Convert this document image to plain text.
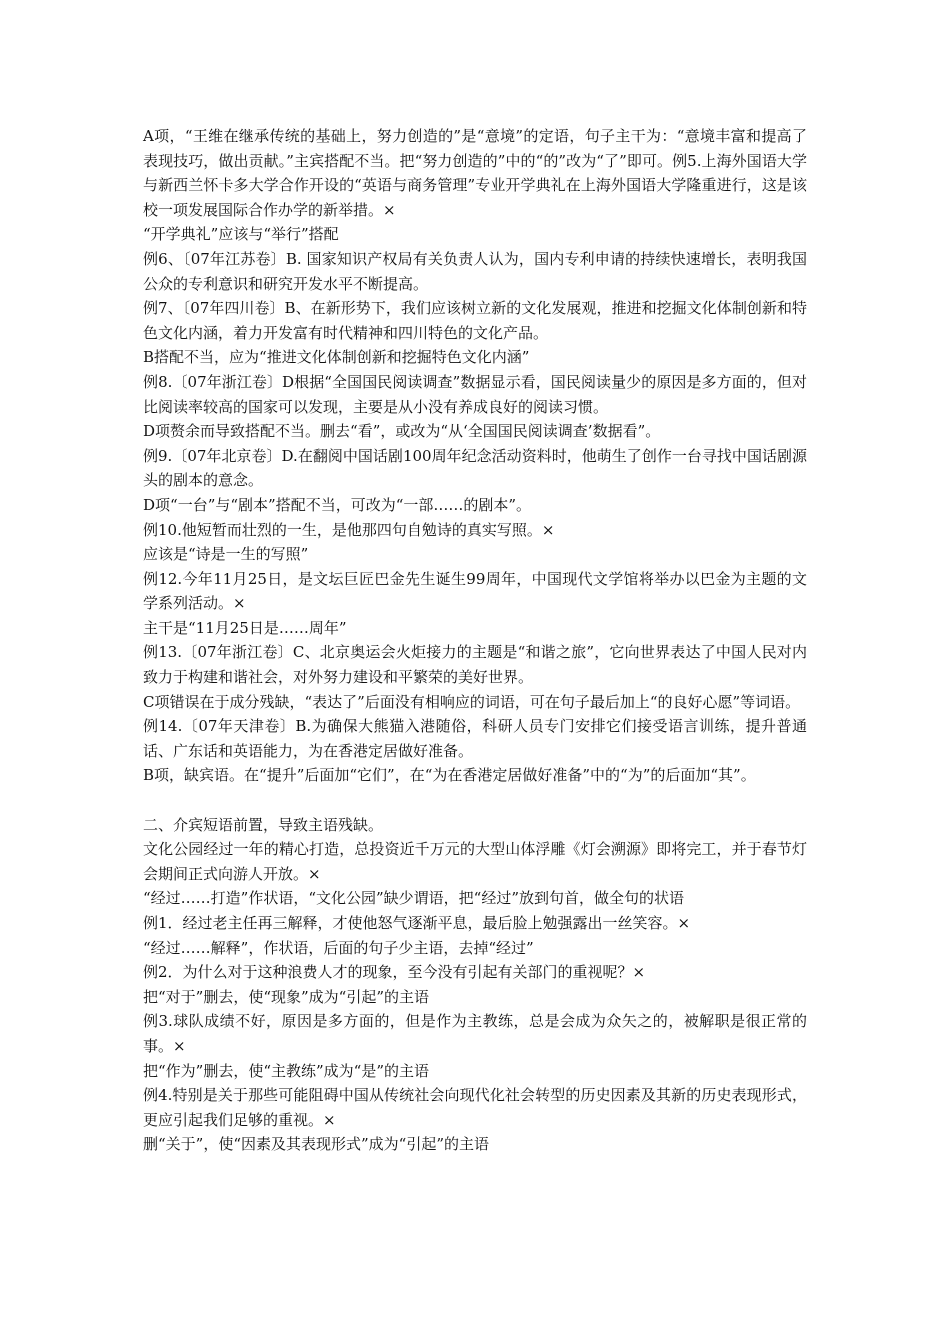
A项，“王维在继承传统的基础上，努力创造的”是“意境”的定语，句子主干为：“意境丰富和提高了表现技巧，做出贡献。”主宾搭配不当。把“努力创造的”中的“的”改为“了”即可。例5.上海外国语大学与新西兰怀卡多大学合作开设的“英语与商务管理”专业开学典礼在上海外国语大学隆重进行，这是该校一项发展国际合作办学的新举措。×

“开学典礼”应该与“举行”搭配

例6、〔07年江苏卷〕B. 国家知识产权局有关负责人认为，国内专利申请的持续快速增长，表明我国公众的专利意识和研究开发水平不断提高。

例7、〔07年四川卷〕B、在新形势下，我们应该树立新的文化发展观，推进和挖掘文化体制创新和特色文化内涵，着力开发富有时代精神和四川特色的文化产品。

B搭配不当，应为“推进文化体制创新和挖掘特色文化内涵”

例8.〔07年浙江卷〕D根据“全国国民阅读调查”数据显示看，国民阅读量少的原因是多方面的，但对比阅读率较高的国家可以发现，主要是从小没有养成良好的阅读习惯。

D项赘余而导致搭配不当。删去“看”，或改为“从‘全国国民阅读调查’数据看”。

例9.〔07年北京卷〕D.在翻阅中国话剧100周年纪念活动资料时，他萌生了创作一台寻找中国话剧源头的剧本的意念。

D项“一台”与“剧本”搭配不当，可改为“一部……的剧本”。

例10.他短暂而壮烈的一生，是他那四句自勉诗的真实写照。×

应该是“诗是一生的写照”

例12.今年11月25日，是文坛巨匠巴金先生诞生99周年，中国现代文学馆将举办以巴金为主题的文学系列活动。×

主干是“11月25日是……周年”

例13.〔07年浙江卷〕C、北京奥运会火炬接力的主题是“和谐之旅”，它向世界表达了中国人民对内致力于构建和谐社会，对外努力建设和平繁荣的美好世界。

C项错误在于成分残缺，“表达了”后面没有相响应的词语，可在句子最后加上“的良好心愿”等词语。

例14.〔07年天津卷〕B.为确保大熊猫入港随俗，科研人员专门安排它们接受语言训练，提升普通话、广东话和英语能力，为在香港定居做好准备。

B项，缺宾语。在“提升”后面加“它们”，在“为在香港定居做好准备”中的“为”的后面加“其”。

二、介宾短语前置，导致主语残缺。

文化公园经过一年的精心打造，总投资近千万元的大型山体浮雕《灯会溯源》即将完工，并于春节灯会期间正式向游人开放。×

“经过……打造”作状语，“文化公园”缺少谓语，把“经过”放到句首，做全句的状语

例1．经过老主任再三解释，才使他怒气逐渐平息，最后脸上勉强露出一丝笑容。×

“经过……解释”，作状语，后面的句子少主语，去掉“经过”

例2．为什么对于这种浪费人才的现象，至今没有引起有关部门的重视呢？×

把“对于”删去，使“现象”成为“引起”的主语

例3.球队成绩不好，原因是多方面的，但是作为主教练，总是会成为众矢之的，被解职是很正常的事。×

把“作为”删去，使“主教练”成为“是”的主语

例4.特别是关于那些可能阻碍中国从传统社会向现代化社会转型的历史因素及其新的历史表现形式，更应引起我们足够的重视。×

删“关于”，使“因素及其表现形式”成为“引起”的主语
